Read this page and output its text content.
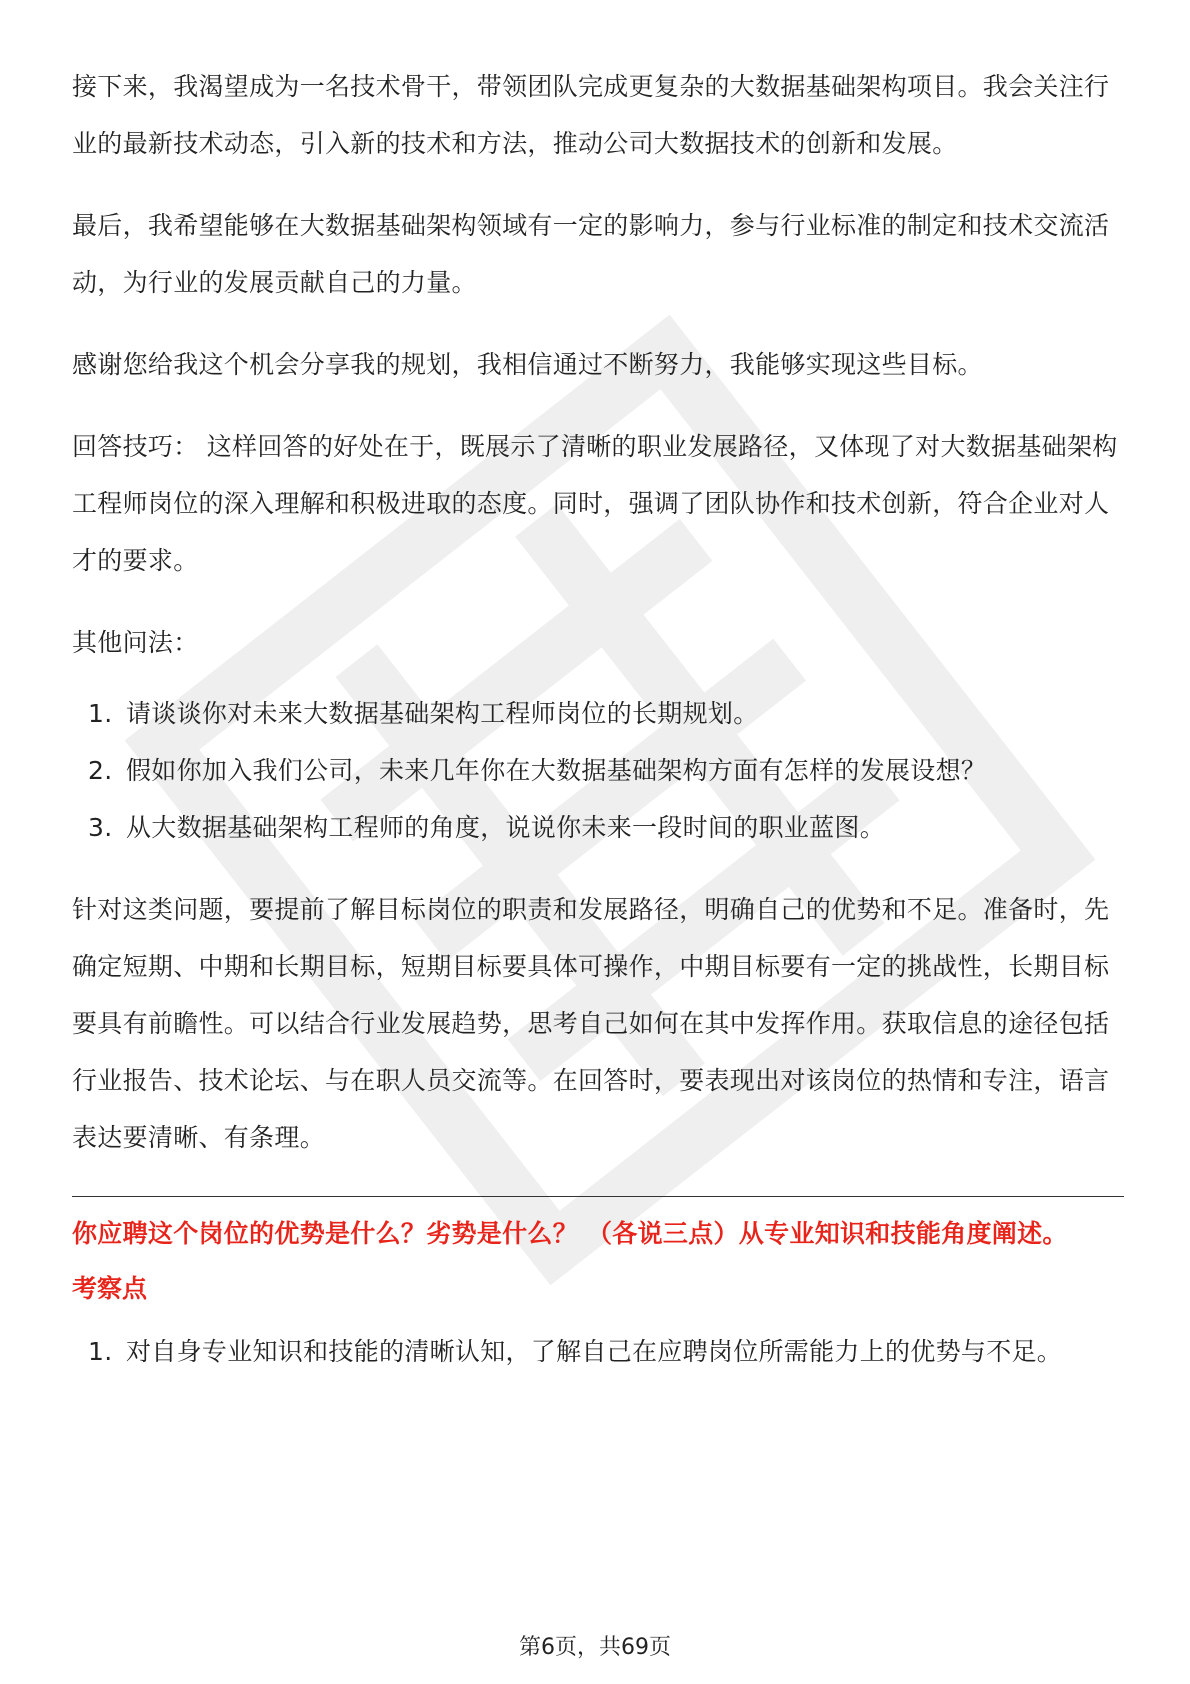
接下来，我渴望成为一名技术骨干，带领团队完成更复杂的大数据基础架构项目。我会关注行业的最新技术动态，引入新的技术和方法，推动公司大数据技术的创新和发展。

最后，我希望能够在大数据基础架构领域有一定的影响力，参与行业标准的制定和技术交流活动，为行业的发展贡献自己的力量。

感谢您给我这个机会分享我的规划，我相信通过不断努力，我能够实现这些目标。

回答技巧： 这样回答的好处在于，既展示了清晰的职业发展路径，又体现了对大数据基础架构工程师岗位的深入理解和积极进取的态度。同时，强调了团队协作和技术创新，符合企业对人才的要求。

其他问法：

1. 请谈谈你对未来大数据基础架构工程师岗位的长期规划。
2. 假如你加入我们公司，未来几年你在大数据基础架构方面有怎样的发展设想？
3. 从大数据基础架构工程师的角度，说说你未来一段时间的职业蓝图。

针对这类问题，要提前了解目标岗位的职责和发展路径，明确自己的优势和不足。准备时，先确定短期、中期和长期目标，短期目标要具体可操作，中期目标要有一定的挑战性，长期目标要具有前瞻性。可以结合行业发展趋势，思考自己如何在其中发挥作用。获取信息的途径包括行业报告、技术论坛、与在职人员交流等。在回答时，要表现出对该岗位的热情和专注，语言表达要清晰、有条理。

你应聘这个岗位的优势是什么？劣势是什么？ （各说三点）从专业知识和技能角度阐述。

考察点

1. 对自身专业知识和技能的清晰认知，了解自己在应聘岗位所需能力上的优势与不足。
第6页，共69页
